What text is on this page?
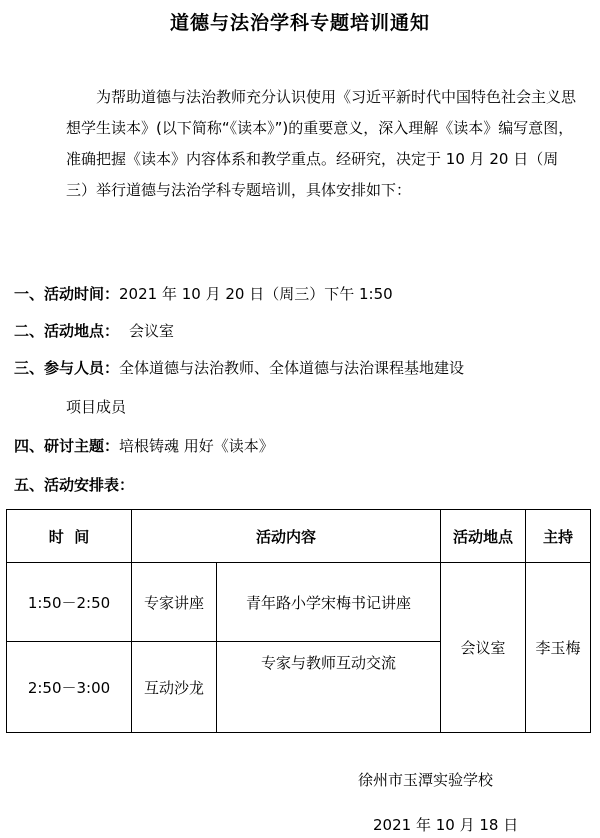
道德与法治学科专题培训通知
为帮助道德与法治教师充分认识使用《习近平新时代中国特色社会主义思想学生读本》(以下简称“《读本》”)的重要意义，深入理解《读本》编写意图，准确把握《读本》内容体系和教学重点。经研究，决定于 10 月 20 日（周三）举行道德与法治学科专题培训，具体安排如下：
一、活动时间：2021 年 10 月 20 日（周三）下午 1:50
二、活动地点： 会议室
三、参与人员：全体道德与法治教师、全体道德与法治课程基地建设
项目成员
四、研讨主题：培根铸魂 用好《读本》
五、活动安排表：
时  间	活动内容		活动地点	主持
1:50－2:50	专家讲座	青年路小学宋梅书记讲座	会议室	李玉梅
2:50－3:00	互动沙龙	专家与教师互动交流		
徐州市玉潭实验学校
2021 年 10 月 18 日
